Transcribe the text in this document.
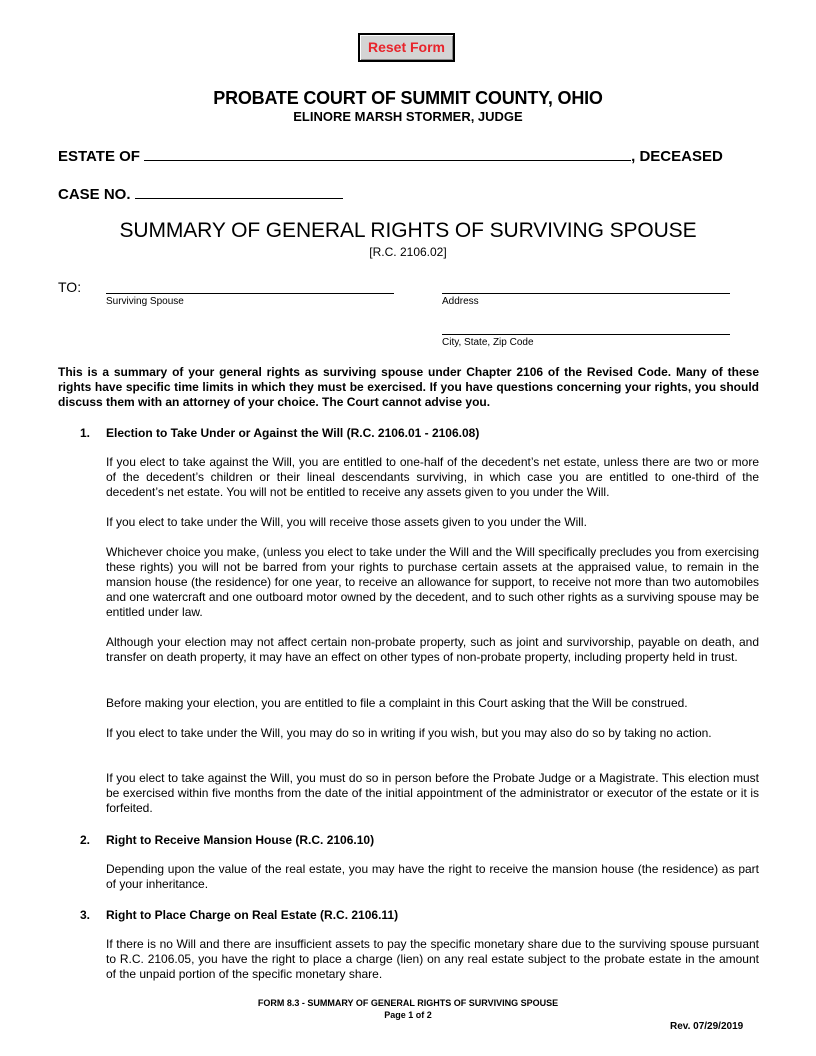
Reset Form
PROBATE COURT OF SUMMIT COUNTY, OHIO
ELINORE MARSH STORMER, JUDGE
ESTATE OF	, DECEASED
CASE NO.
SUMMARY OF GENERAL RIGHTS OF SURVIVING SPOUSE
[R.C. 2106.02]
TO:
Surviving Spouse	Address
City, State, Zip Code
This is a summary of your general rights as surviving spouse under Chapter 2106 of the Revised Code. Many of these rights have specific time limits in which they must be exercised. If you have questions concerning your rights, you should discuss them with an attorney of your choice. The Court cannot advise you.
1. Election to Take Under or Against the Will (R.C. 2106.01 - 2106.08)
If you elect to take against the Will, you are entitled to one-half of the decedent’s net estate, unless there are two or more of the decedent’s children or their lineal descendants surviving, in which case you are entitled to one-third of the decedent’s net estate. You will not be entitled to receive any assets given to you under the Will.
If you elect to take under the Will, you will receive those assets given to you under the Will.
Whichever choice you make, (unless you elect to take under the Will and the Will specifically precludes you from exercising these rights) you will not be barred from your rights to purchase certain assets at the appraised value, to remain in the mansion house (the residence) for one year, to receive an allowance for support, to receive not more than two automobiles and one watercraft and one outboard motor owned by the decedent, and to such other rights as a surviving spouse may be entitled under law.
Although your election may not affect certain non-probate property, such as joint and survivorship, payable on death, and transfer on death property, it may have an effect on other types of non-probate property, including property held in trust.
Before making your election, you are entitled to file a complaint in this Court asking that the Will be construed.
If you elect to take under the Will, you may do so in writing if you wish, but you may also do so by taking no action.
If you elect to take against the Will, you must do so in person before the Probate Judge or a Magistrate. This election must be exercised within five months from the date of the initial appointment of the administrator or executor of the estate or it is forfeited.
2. Right to Receive Mansion House (R.C. 2106.10)
Depending upon the value of the real estate, you may have the right to receive the mansion house (the residence) as part of your inheritance.
3. Right to Place Charge on Real Estate (R.C. 2106.11)
If there is no Will and there are insufficient assets to pay the specific monetary share due to the surviving spouse pursuant to R.C. 2106.05, you have the right to place a charge (lien) on any real estate subject to the probate estate in the amount of the unpaid portion of the specific monetary share.
FORM 8.3 - SUMMARY OF GENERAL RIGHTS OF SURVIVING SPOUSE
Page 1 of 2
Rev. 07/29/2019
